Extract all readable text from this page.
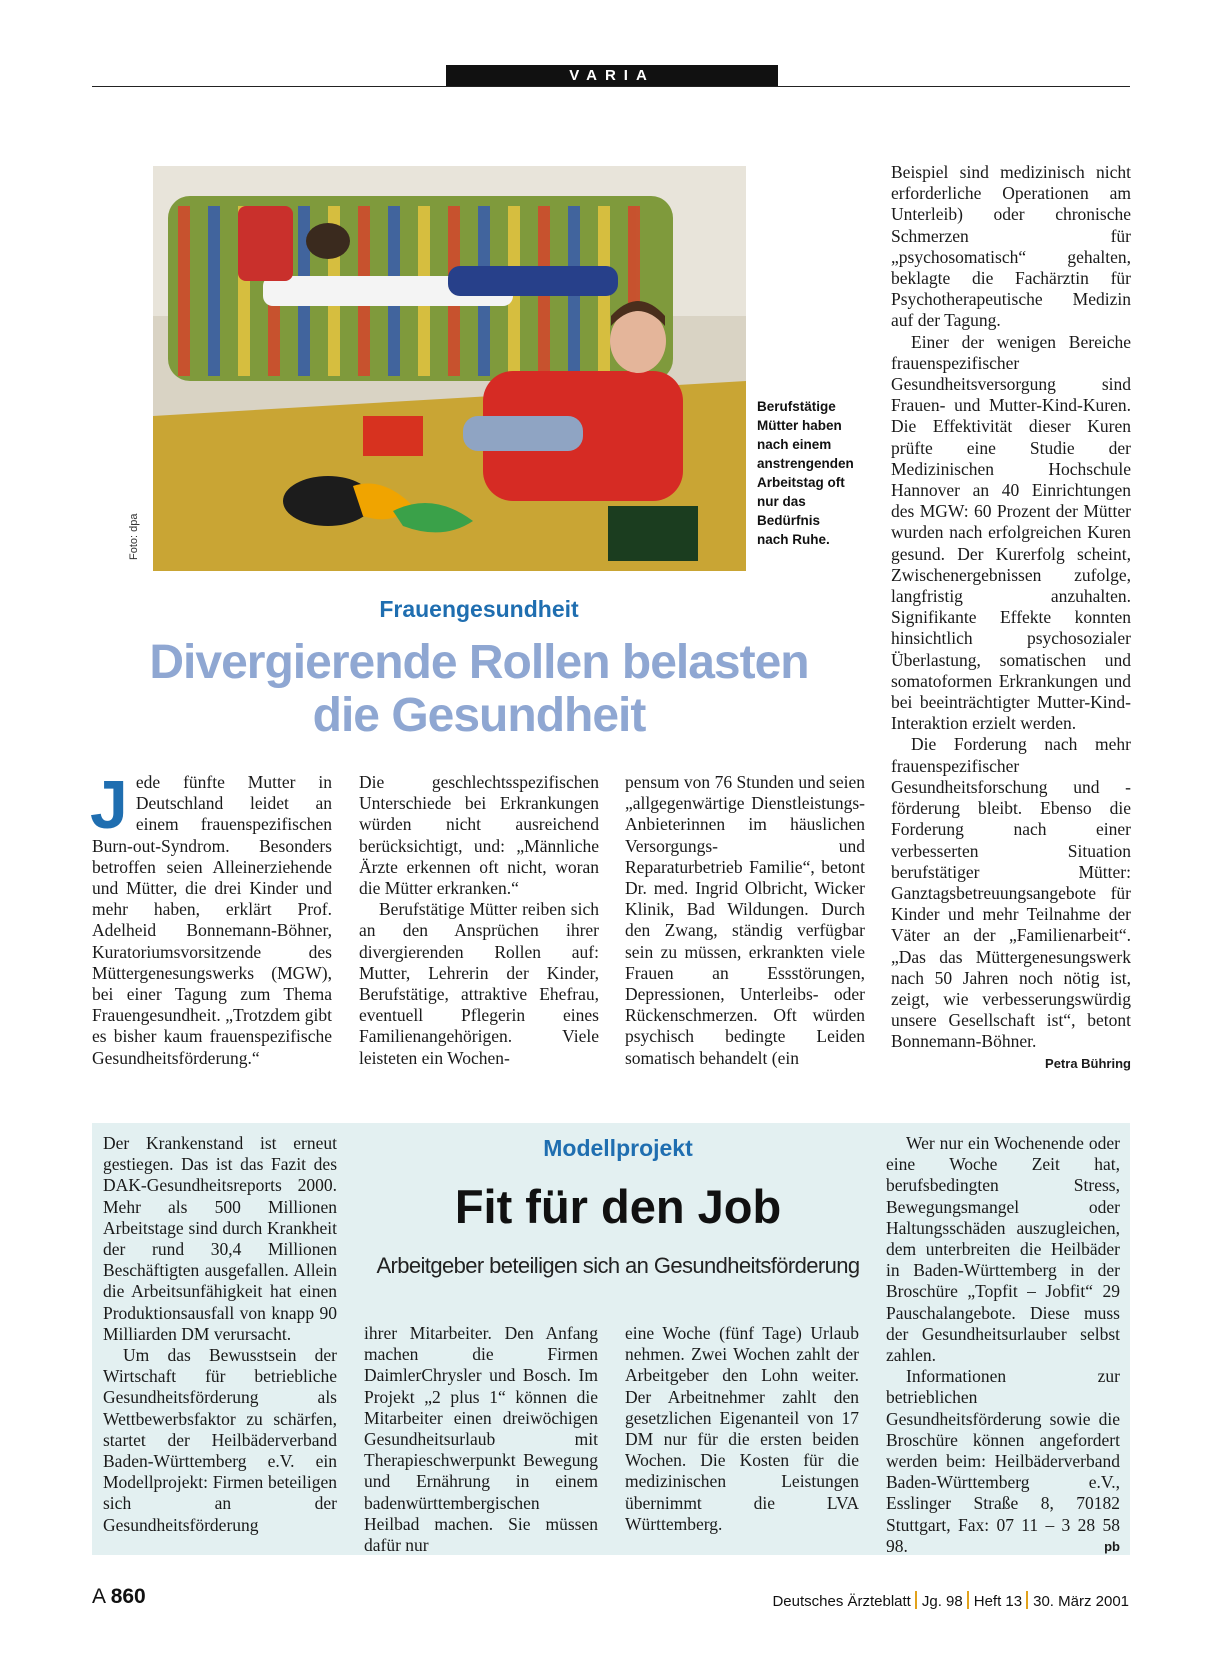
VARIA
Foto: dpa
Berufstätige Mütter haben nach einem anstrengenden Arbeitstag oft nur das Bedürfnis nach Ruhe.
Frauengesundheit
Divergierende Rollen belasten
die Gesundheit
J ede fünfte Mutter in Deutschland leidet an einem frauenspezifischen Burn-out-Syndrom. Besonders betroffen seien Alleinerziehende und Mütter, die drei Kinder und mehr haben, erklärt Prof. Adelheid Bonnemann-Böhner, Kuratoriumsvorsitzende des Müttergenesungswerks (MGW), bei einer Tagung zum Thema Frauengesundheit. „Trotzdem gibt es bisher kaum frauenspezifische Gesundheitsförderung.“

Die geschlechtsspezifischen Unterschiede bei Erkrankungen würden nicht ausreichend berücksichtigt, und: „Männliche Ärzte erkennen oft nicht, woran die Mütter erkranken.“

Berufstätige Mütter reiben sich an den Ansprüchen ihrer divergierenden Rollen auf: Mutter, Lehrerin der Kinder, Berufstätige, attraktive Ehefrau, eventuell Pflegerin eines Familienangehörigen. Viele leisteten ein Wochen-

pensum von 76 Stunden und seien „allgegenwärtige Dienstleistungs-Anbieterinnen im häuslichen Versorgungs- und Reparaturbetrieb Familie“, betont Dr. med. Ingrid Olbricht, Wicker Klinik, Bad Wildungen. Durch den Zwang, ständig verfügbar sein zu müssen, erkrankten viele Frauen an Essstörungen, Depressionen, Unterleibs- oder Rückenschmerzen. Oft würden psychisch bedingte Leiden somatisch behandelt (ein

Beispiel sind medizinisch nicht erforderliche Operationen am Unterleib) oder chronische Schmerzen für „psychosomatisch“ gehalten, beklagte die Fachärztin für Psychotherapeutische Medizin auf der Tagung.

Einer der wenigen Bereiche frauenspezifischer Gesundheitsversorgung sind Frauen- und Mutter-Kind-Kuren. Die Effektivität dieser Kuren prüfte eine Studie der Medizinischen Hochschule Hannover an 40 Einrichtungen des MGW: 60 Prozent der Mütter wurden nach erfolgreichen Kuren gesund. Der Kurerfolg scheint, Zwischenergebnissen zufolge, langfristig anzuhalten. Signifikante Effekte konnten hinsichtlich psychosozialer Überlastung, somatischen und somatoformen Erkrankungen und bei beeinträchtigter Mutter-Kind-Interaktion erzielt werden.

Die Forderung nach mehr frauenspezifischer Gesundheitsforschung und -förderung bleibt. Ebenso die Forderung nach einer verbesserten Situation berufstätiger Mütter: Ganztagsbetreuungsangebote für Kinder und mehr Teilnahme der Väter an der „Familienarbeit“. „Das das Müttergenesungswerk nach 50 Jahren noch nötig ist, zeigt, wie verbesserungswürdig unsere Gesellschaft ist“, betont Bonnemann-Böhner.
Petra Bühring

Modellprojekt
Fit für den Job
Arbeitgeber beteiligen sich an Gesundheitsförderung

Der Krankenstand ist erneut gestiegen. Das ist das Fazit des DAK-Gesundheitsreports 2000. Mehr als 500 Millionen Arbeitstage sind durch Krankheit der rund 30,4 Millionen Beschäftigten ausgefallen. Allein die Arbeitsunfähigkeit hat einen Produktionsausfall von knapp 90 Milliarden DM verursacht.

Um das Bewusstsein der Wirtschaft für betriebliche Gesundheitsförderung als Wettbewerbsfaktor zu schärfen, startet der Heilbäderverband Baden-Württemberg e.V. ein Modellprojekt: Firmen beteiligen sich an der Gesundheitsförderung

ihrer Mitarbeiter. Den Anfang machen die Firmen DaimlerChrysler und Bosch. Im Projekt „2 plus 1“ können die Mitarbeiter einen dreiwöchigen Gesundheitsurlaub mit Therapieschwerpunkt Bewegung und Ernährung in einem badenwürttembergischen Heilbad machen. Sie müssen dafür nur

eine Woche (fünf Tage) Urlaub nehmen. Zwei Wochen zahlt der Arbeitgeber den Lohn weiter. Der Arbeitnehmer zahlt den gesetzlichen Eigenanteil von 17 DM nur für die ersten beiden Wochen. Die Kosten für die medizinischen Leistungen übernimmt die LVA Württemberg.

Wer nur ein Wochenende oder eine Woche Zeit hat, berufsbedingten Stress, Bewegungsmangel oder Haltungsschäden auszugleichen, dem unterbreiten die Heilbäder in Baden-Württemberg in der Broschüre „Topfit – Jobfit“ 29 Pauschalangebote. Diese muss der Gesundheitsurlauber selbst zahlen.

Informationen zur betrieblichen Gesundheitsförderung sowie die Broschüre können angefordert werden beim: Heilbäderverband Baden-Württemberg e.V., Esslinger Straße 8, 70182 Stuttgart, Fax: 07 11 – 3 28 58 98.	pb

A 860	Deutsches Ärzteblatt Jg. 98 Heft 13 30. März 2001
